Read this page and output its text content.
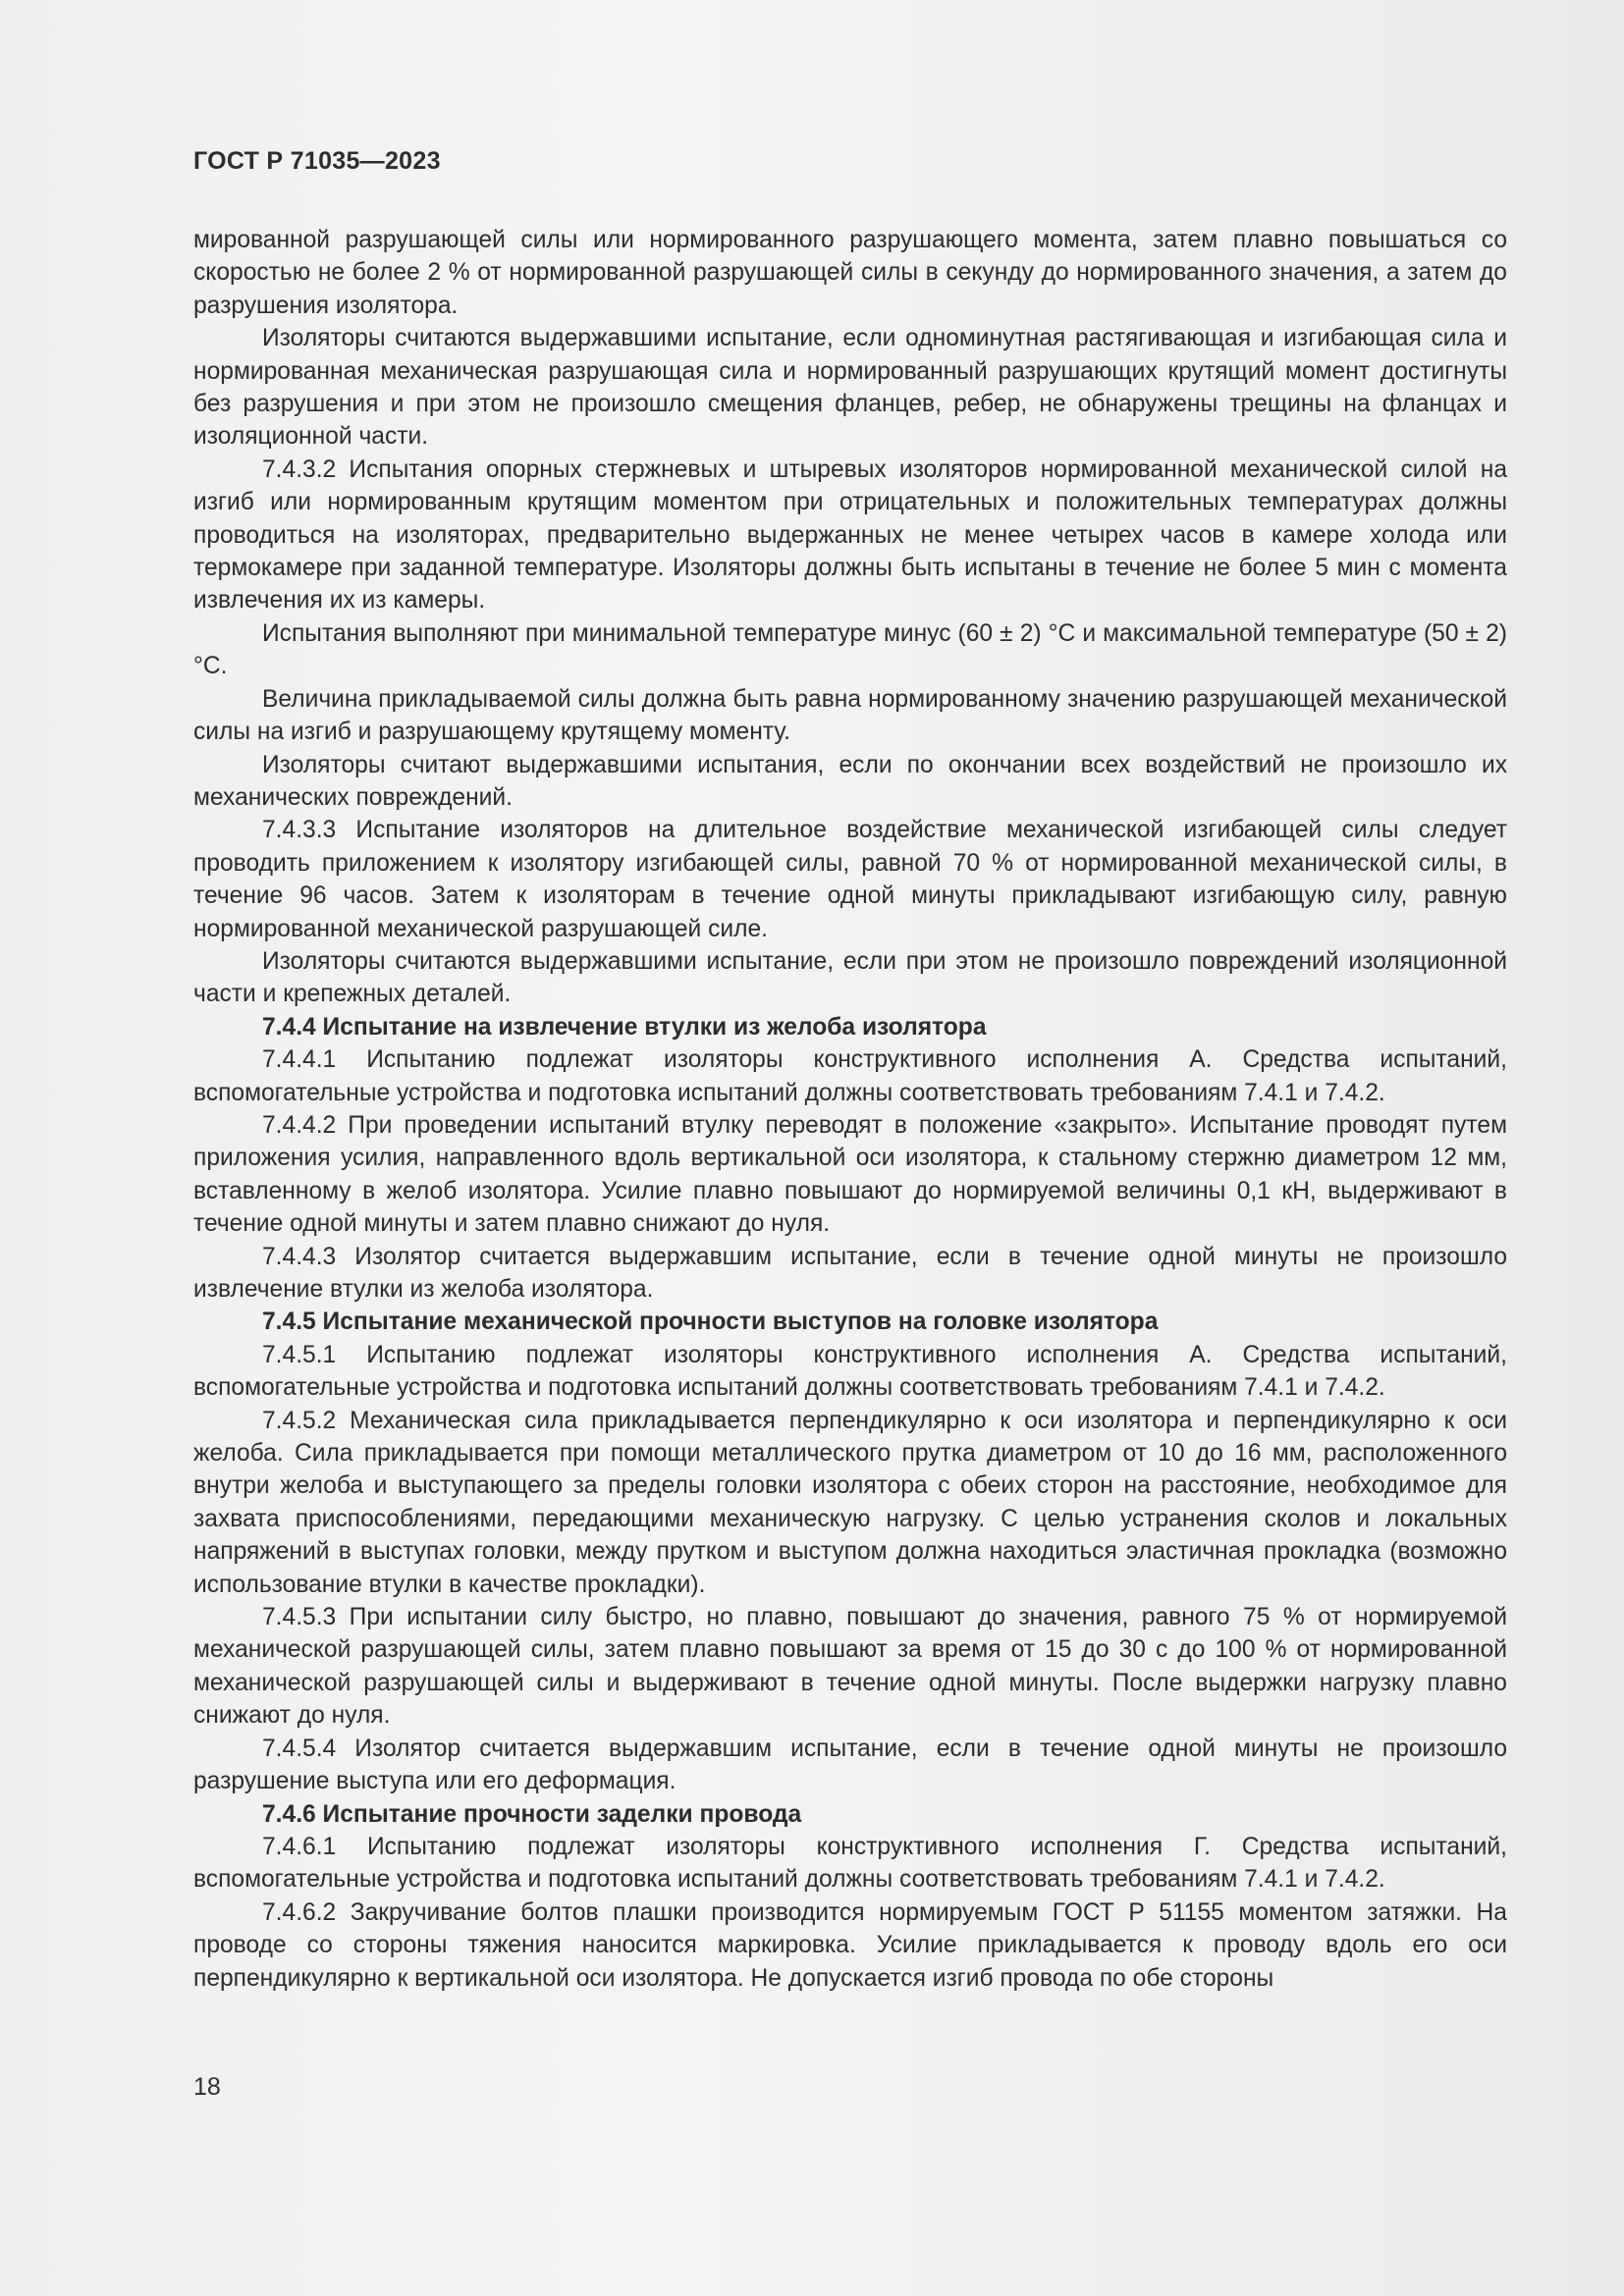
ГОСТ Р 71035—2023

мированной разрушающей силы или нормированного разрушающего момента, затем плавно повышаться со скоростью не более 2 % от нормированной разрушающей силы в секунду до нормированного значения, а затем до разрушения изолятора.

Изоляторы считаются выдержавшими испытание, если одноминутная растягивающая и изгибающая сила и нормированная механическая разрушающая сила и нормированный разрушающих крутящий момент достигнуты без разрушения и при этом не произошло смещения фланцев, ребер, не обнаружены трещины на фланцах и изоляционной части.

7.4.3.2 Испытания опорных стержневых и штыревых изоляторов нормированной механической силой на изгиб или нормированным крутящим моментом при отрицательных и положительных температурах должны проводиться на изоляторах, предварительно выдержанных не менее четырех часов в камере холода или термокамере при заданной температуре. Изоляторы должны быть испытаны в течение не более 5 мин с момента извлечения их из камеры.

Испытания выполняют при минимальной температуре минус (60 ± 2) °С и максимальной температуре (50 ± 2) °С.

Величина прикладываемой силы должна быть равна нормированному значению разрушающей механической силы на изгиб и разрушающему крутящему моменту.

Изоляторы считают выдержавшими испытания, если по окончании всех воздействий не произошло их механических повреждений.

7.4.3.3 Испытание изоляторов на длительное воздействие механической изгибающей силы следует проводить приложением к изолятору изгибающей силы, равной 70 % от нормированной механической силы, в течение 96 часов. Затем к изоляторам в течение одной минуты прикладывают изгибающую силу, равную нормированной механической разрушающей силе.

Изоляторы считаются выдержавшими испытание, если при этом не произошло повреждений изоляционной части и крепежных деталей.

7.4.4 Испытание на извлечение втулки из желоба изолятора

7.4.4.1 Испытанию подлежат изоляторы конструктивного исполнения А. Средства испытаний, вспомогательные устройства и подготовка испытаний должны соответствовать требованиям 7.4.1 и 7.4.2.

7.4.4.2 При проведении испытаний втулку переводят в положение «закрыто». Испытание проводят путем приложения усилия, направленного вдоль вертикальной оси изолятора, к стальному стержню диаметром 12 мм, вставленному в желоб изолятора. Усилие плавно повышают до нормируемой величины 0,1 кН, выдерживают в течение одной минуты и затем плавно снижают до нуля.

7.4.4.3 Изолятор считается выдержавшим испытание, если в течение одной минуты не произошло извлечение втулки из желоба изолятора.

7.4.5 Испытание механической прочности выступов на головке изолятора

7.4.5.1 Испытанию подлежат изоляторы конструктивного исполнения А. Средства испытаний, вспомогательные устройства и подготовка испытаний должны соответствовать требованиям 7.4.1 и 7.4.2.

7.4.5.2 Механическая сила прикладывается перпендикулярно к оси изолятора и перпендикулярно к оси желоба. Сила прикладывается при помощи металлического прутка диаметром от 10 до 16 мм, расположенного внутри желоба и выступающего за пределы головки изолятора с обеих сторон на расстояние, необходимое для захвата приспособлениями, передающими механическую нагрузку. С целью устранения сколов и локальных напряжений в выступах головки, между прутком и выступом должна находиться эластичная прокладка (возможно использование втулки в качестве прокладки).

7.4.5.3 При испытании силу быстро, но плавно, повышают до значения, равного 75 % от нормируемой механической разрушающей силы, затем плавно повышают за время от 15 до 30 с до 100 % от нормированной механической разрушающей силы и выдерживают в течение одной минуты. После выдержки нагрузку плавно снижают до нуля.

7.4.5.4 Изолятор считается выдержавшим испытание, если в течение одной минуты не произошло разрушение выступа или его деформация.

7.4.6 Испытание прочности заделки провода

7.4.6.1 Испытанию подлежат изоляторы конструктивного исполнения Г. Средства испытаний, вспомогательные устройства и подготовка испытаний должны соответствовать требованиям 7.4.1 и 7.4.2.

7.4.6.2 Закручивание болтов плашки производится нормируемым ГОСТ Р 51155 моментом затяжки. На проводе со стороны тяжения наносится маркировка. Усилие прикладывается к проводу вдоль его оси перпендикулярно к вертикальной оси изолятора. Не допускается изгиб провода по обе стороны

18
